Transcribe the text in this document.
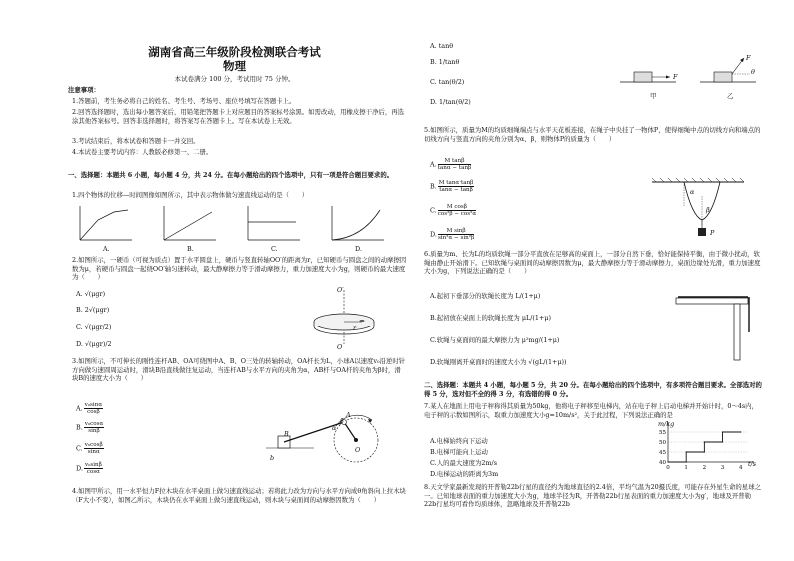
湖南省高三年级阶段检测联合考试
物理
本试卷满分 100 分，考试用时 75 分钟。
注意事项：
1.答题前，考生务必将自己的姓名、考生号、考场号、座位号填写在答题卡上。
2.回答选择题时，选出每小题答案后，用铅笔把答题卡上对应题目的答案标号涂黑。如需改动，用橡皮擦干净后，再选涂其他答案标号。回答非选择题时，将答案写在答题卡上。写在本试卷上无效。
3.考试结束后，将本试卷和答题卡一并交回。
4.本试卷主要考试内容：人教版必修第一、二册。
一、选择题：本题共 6 小题，每小题 4 分，共 24 分。在每小题给出的四个选项中，只有一项是符合题目要求的。
1.四个物体的位移—时间图像如图所示，其中表示物体做匀速直线运动的是（　　）
A.	B.	C.	D.
2.如图所示，一硬币（可视为质点）置于水平圆盘上，硬币与竖直转轴OO′的距离为r，已知硬币与圆盘之间的动摩擦因数为μ，若硬币与圆盘一起绕OO′轴匀速转动，最大静摩擦力等于滑动摩擦力，重力加速度大小为g，则硬币的最大速度为（　　）
A. √(μgr)
B. 2√(μgr)
C. √(μgr/2)
D. √(μgr)/2
O′
r
O
3.如图所示，不可伸长的刚性连杆AB、OA可绕图中A、B、O三处的转轴转动，OA杆长为L，小球A以速度v₀沿逆时针方向做匀速圆周运动时，滑块B沿直线做往复运动，当连杆AB与水平方向的夹角为α，AB杆与OA杆的夹角为β时，滑块B的速度大小为（　　）
A. $\frac{\text{v₀sinα}}{\cos\beta}$
B. $\frac{\text{v₀cosα}}{\sin\beta}$
C. $\frac{\text{v₀cosβ}}{\sin\alpha}$
D. $\frac{\text{v₀sinβ}}{\cos\alpha}$
A
B
O
α
β
b
4.如图甲所示，用一水平恒力F拉木块在水平桌面上做匀速直线运动；若将此力改为方向与水平方向成θ角斜向上拉木块（F大小不变），如图乙所示，木块仍在水平桌面上做匀速直线运动，则木块与桌面间的动摩擦因数为（　　）
A. tanθ
B. 1/tanθ
C. tan(θ/2)
D. 1/tan(θ/2)
甲	乙
F
F
θ
5.如图所示，质量为M的均质细绳端点与水平天花板连接，在绳子中央挂了一物体P，使得细绳中点的切线方向和端点的切线方向与竖直方向的夹角分别为α、β，则物体P的质量为（　　）
A. $\frac{\text{M tanβ}}{\tan\alpha - \tan\beta}$
B. $\frac{\text{M tanα·tanβ}}{\tan\alpha - \tan\beta}$
C. $\frac{\text{M cosβ}}{\text{cos²β − cos²α}}$
D. $\frac{\text{M sinβ}}{\text{sin²α − sin²β}}$
α
β
P
6.质量为m、长为L的均质软绳一部分平直放在足够高的桌面上，一部分自然下垂，恰好能保持平衡，由于微小扰动，软绳由静止开始滑下。已知软绳与桌面间的动摩擦因数为μ，最大静摩擦力等于滑动摩擦力，桌面边缘处光滑，重力加速度大小为g，下列说法正确的是（　　）
A.起初下垂部分的软绳长度为 L/(1+μ)
B.起初放在桌面上的软绳长度为 μL/(1+μ)
C.软绳与桌面间的最大摩擦力为 μ²mg/(1+μ)
D.软绳刚离开桌面时的速度大小为 √(gL/(1+μ))
二、选择题：本题共 4 小题，每小题 5 分，共 20 分。在每小题给出的四个选项中，有多项符合题目要求。全部选对的得 5 分，选对但不全的得 3 分，有选错的得 0 分。
7.某人在地面上用电子秤称得其质量为50kg，他将电子秤移至电梯内，站在电子秤上启动电梯并开始计时，0～4s内，电子秤的示数如图所示，取重力加速度大小g=10m/s²，关于此过程，下列说法正确的是
A.电梯始终向下运动
B.电梯可能向上运动
C.人的最大速度为2m/s
D.电梯运动的距离为3m
40
45
50
55
0	1	2	3	4
m/kg
t/s
8.天文学家最新发现的开普勒22b行星的直径约为地球直径的2.4倍，平均气温为20摄氏度，可能存在外星生命的星球之一。已知地球表面的重力加速度大小为g，地球半径为R，开普勒22b行星表面的重力加速度大小为g′，地球及开普勒22b行星均可看作均质球体，忽略地球及开普勒22b
